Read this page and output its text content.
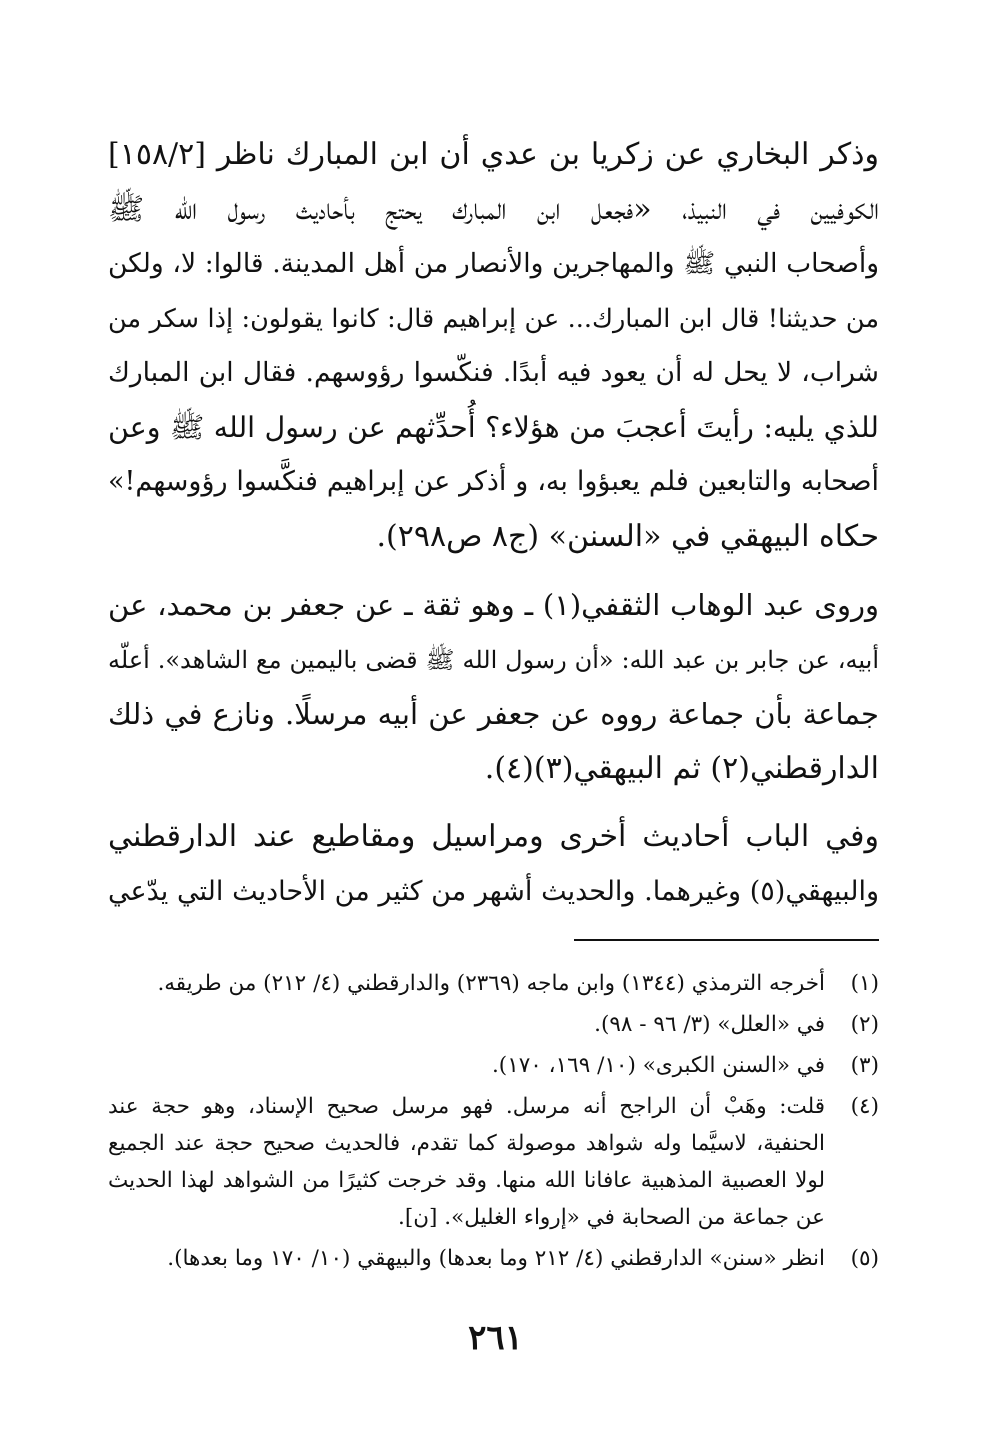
وذكر البخاري عن زكريا بن عدي أن ابن المبارك ناظر [١٥٨/٢]
الكوفيين في النبيذ، «فجعل ابن المبارك يحتج بأحاديث رسول الله ﷺ
وأصحاب النبي ﷺ والمهاجرين والأنصار من أهل المدينة. قالوا: لا، ولكن
من حديثنا! قال ابن المبارك... عن إبراهيم قال: كانوا يقولون: إذا سكر من
شراب، لا يحل له أن يعود فيه أبدًا. فنكّسوا رؤوسهم. فقال ابن المبارك
للذي يليه: رأيتَ أعجبَ من هؤلاء؟ أُحدِّثهم عن رسول الله ﷺ وعن
أصحابه والتابعين فلم يعبؤوا به، و أذكر عن إبراهيم فنكَّسوا رؤوسهم!»
حكاه البيهقي في «السنن» (ج٨ ص٢٩٨).

وروى عبد الوهاب الثقفي(١) ـ وهو ثقة ـ عن جعفر بن محمد، عن
أبيه، عن جابر بن عبد الله: «أن رسول الله ﷺ قضى باليمين مع الشاهد». أعلّه
جماعة بأن جماعة رووه عن جعفر عن أبيه مرسلًا. ونازع في ذلك
الدارقطني(٢) ثم البيهقي(٣)(٤).

وفي الباب أحاديث أخرى ومراسيل ومقاطيع عند الدارقطني
والبيهقي(٥) وغيرهما. والحديث أشهر من كثير من الأحاديث التي يدّعي

(١)
أخرجه الترمذي (١٣٤٤) وابن ماجه (٢٣٦٩) والدارقطني (٤/ ٢١٢) من طريقه.
(٢)
في «العلل» (٣/ ٩٦ - ٩٨).
(٣)
في «السنن الكبرى» (١٠/ ١٦٩، ١٧٠).
(٤)
قلت: وهَبْ أن الراجح أنه مرسل. فهو مرسل صحيح الإسناد، وهو حجة عند
الحنفية، لاسيَّما وله شواهد موصولة كما تقدم، فالحديث صحيح حجة عند الجميع
لولا العصبية المذهبية عافانا الله منها. وقد خرجت كثيرًا من الشواهد لهذا الحديث
عن جماعة من الصحابة في «إرواء الغليل». [ن].
(٥)
انظر «سنن» الدارقطني (٤/ ٢١٢ وما بعدها) والبيهقي (١٠/ ١٧٠ وما بعدها).
٢٦١
